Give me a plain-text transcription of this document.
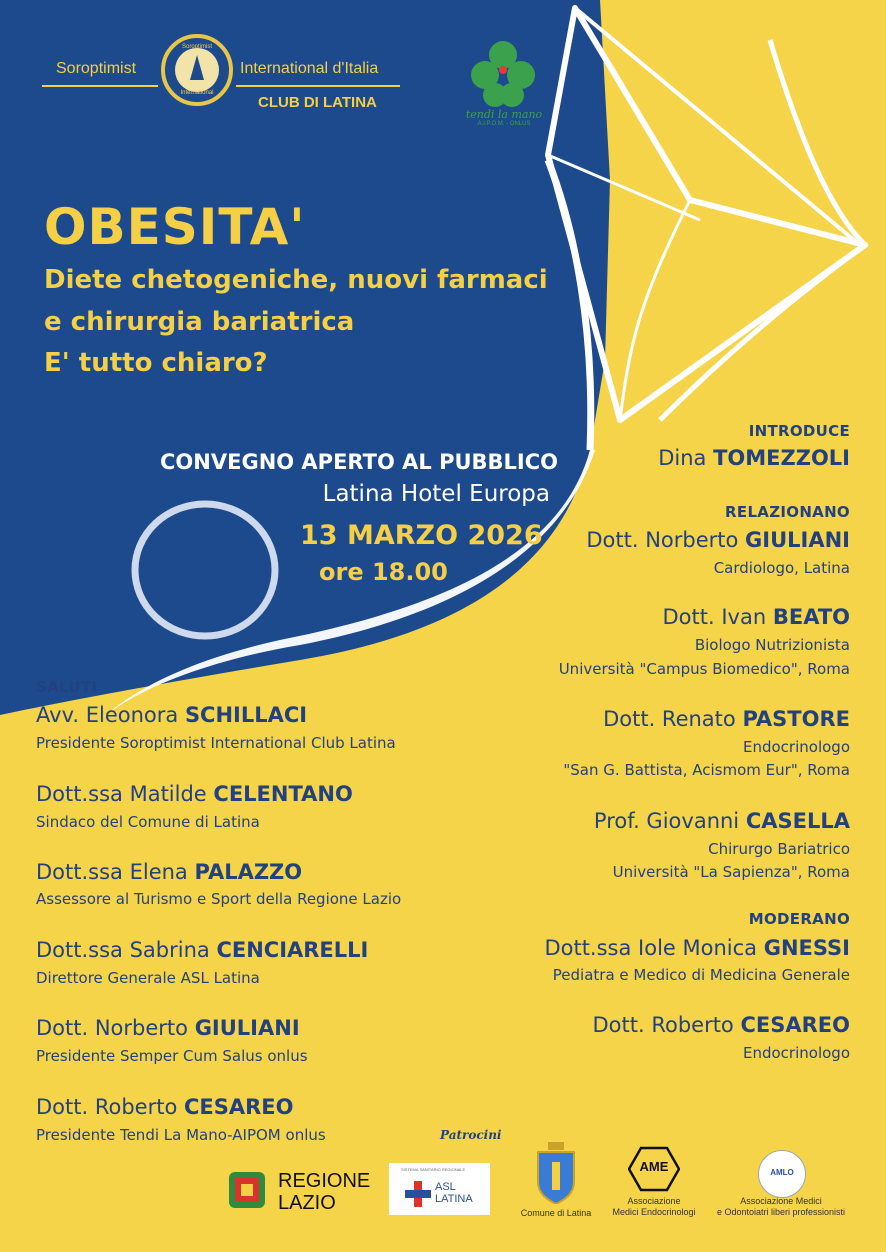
Soroptimist	International d'Italia
CLUB DI LATINA
Soroptimist
International
tendi la mano
A.I.P.O.M. - ONLUS
OBESITA'
Diete chetogeniche, nuovi farmaci
e chirurgia bariatrica
E' tutto chiaro?
CONVEGNO APERTO AL PUBBLICO
Latina Hotel Europa
13 MARZO 2026
ore 18.00
SALUTI
Avv. Eleonora SCHILLACI
Presidente Soroptimist International Club Latina
Dott.ssa Matilde CELENTANO
Sindaco del Comune di Latina
Dott.ssa Elena PALAZZO
Assessore al Turismo e Sport della Regione Lazio
Dott.ssa Sabrina CENCIARELLI
Direttore Generale ASL Latina
Dott. Norberto GIULIANI
Presidente Semper Cum Salus onlus
Dott. Roberto CESAREO
Presidente Tendi La Mano-AIPOM onlus
INTRODUCE
Dina TOMEZZOLI
RELAZIONANO
Dott. Norberto GIULIANI
Cardiologo, Latina
Dott. Ivan BEATO
Biologo Nutrizionista
Università "Campus Biomedico", Roma
Dott. Renato PASTORE
Endocrinologo
"San G. Battista, Acismom Eur", Roma
Prof. Giovanni CASELLA
Chirurgo Bariatrico
Università "La Sapienza", Roma
MODERANO
Dott.ssa Iole Monica GNESSI
Pediatra e Medico di Medicina Generale
Dott. Roberto CESAREO
Endocrinologo
Patrocini
REGIONE
LAZIO
SISTEMA SANITARIO REGIONALE
ASL
LATINA
Comune di Latina
AME
Associazione
Medici Endocrinologi
AMLO
Associazione Medici
e Odontoiatri liberi professionisti
